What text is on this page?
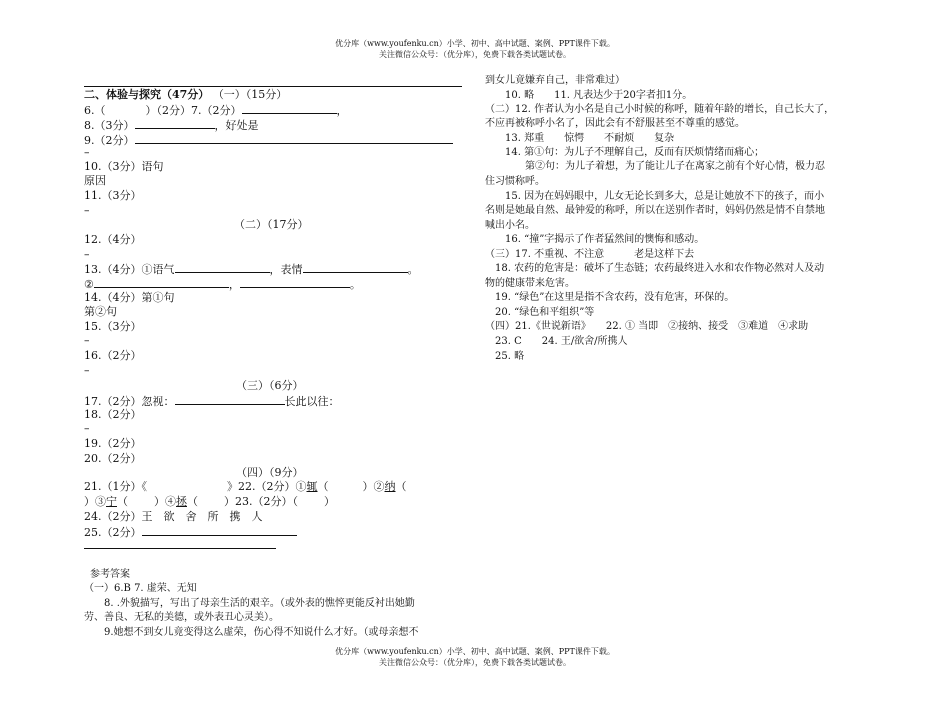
优分库（www.youfenku.cn）小学、初中、高中试题、案例、PPT课件下载。
关注微信公众号：（优分库），免费下载各类试题试卷。
二、体验与探究（47分） （一）（15分）
6.（	）（2分）7.（2分）	，
8.（3分）	，好处是
9.（2分）
–
10.（3分）语句
原因
11.（3分）
–
（二）（17分）
12.（4分）
–
13.（4分）①语气	，表情	。
②	，	。
14.（4分）第①句
第②句
15.（3分）
–
16.（2分）
–
（三）（6分）
17.（2分）忽视：	长此以往：
18.（2分）
–
19.（2分）
20.（2分）
（四）（9分）
21.（1分）《	》22.（2分）①辄（	）②纳（
）③宁（ ）④拯（ ）23.（2分）（ ）
24.（2分）王　欲　舍　所　携　人
25.（2分）
参考答案
（一）6.B 7. 虚荣、无知
8. .外貌描写，写出了母亲生活的艰辛。（或外表的憔悴更能反衬出她勤
劳、善良、无私的美德，或外表丑心灵美）。
9.她想不到女儿竟变得这么虚荣，伤心得不知说什么才好。（或母亲想不
到女儿竟嫌弃自己，非常难过）
10. 略　　11. 凡表达少于20字者扣1分。
（二）12. 作者认为小名是自己小时候的称呼，随着年龄的增长，自己长大了，
不应再被称呼小名了，因此会有不舒服甚至不尊重的感觉。
13. 郑重　　惊愕　　不耐烦　　复杂
14. 第①句：为儿子不理解自己，反而有厌烦情绪而痛心；
第②句：为儿子着想，为了能让儿子在离家之前有个好心情，极力忍
住习惯称呼。
15. 因为在妈妈眼中，儿女无论长到多大，总是让她放不下的孩子，而小
名则是她最自然、最钟爱的称呼，所以在送别作者时，妈妈仍然是情不自禁地
喊出小名。
16. “撞”字揭示了作者猛然间的懊悔和感动。
（三）17. 不重视、不注意　　　老是这样下去
18. 农药的危害是：破坏了生态链；农药最终进入水和农作物必然对人及动
物的健康带来危害。
19. “绿色”在这里是指不含农药，没有危害，环保的。
20. “绿色和平组织”等
（四）21.《世说新语》　　22. ① 当即　②接纳、接受　③难道　④求助
23. C　　24. 王/欲舍/所携人
25. 略
优分库（www.youfenku.cn）小学、初中、高中试题、案例、PPT课件下载。
关注微信公众号：（优分库），免费下载各类试题试卷。
